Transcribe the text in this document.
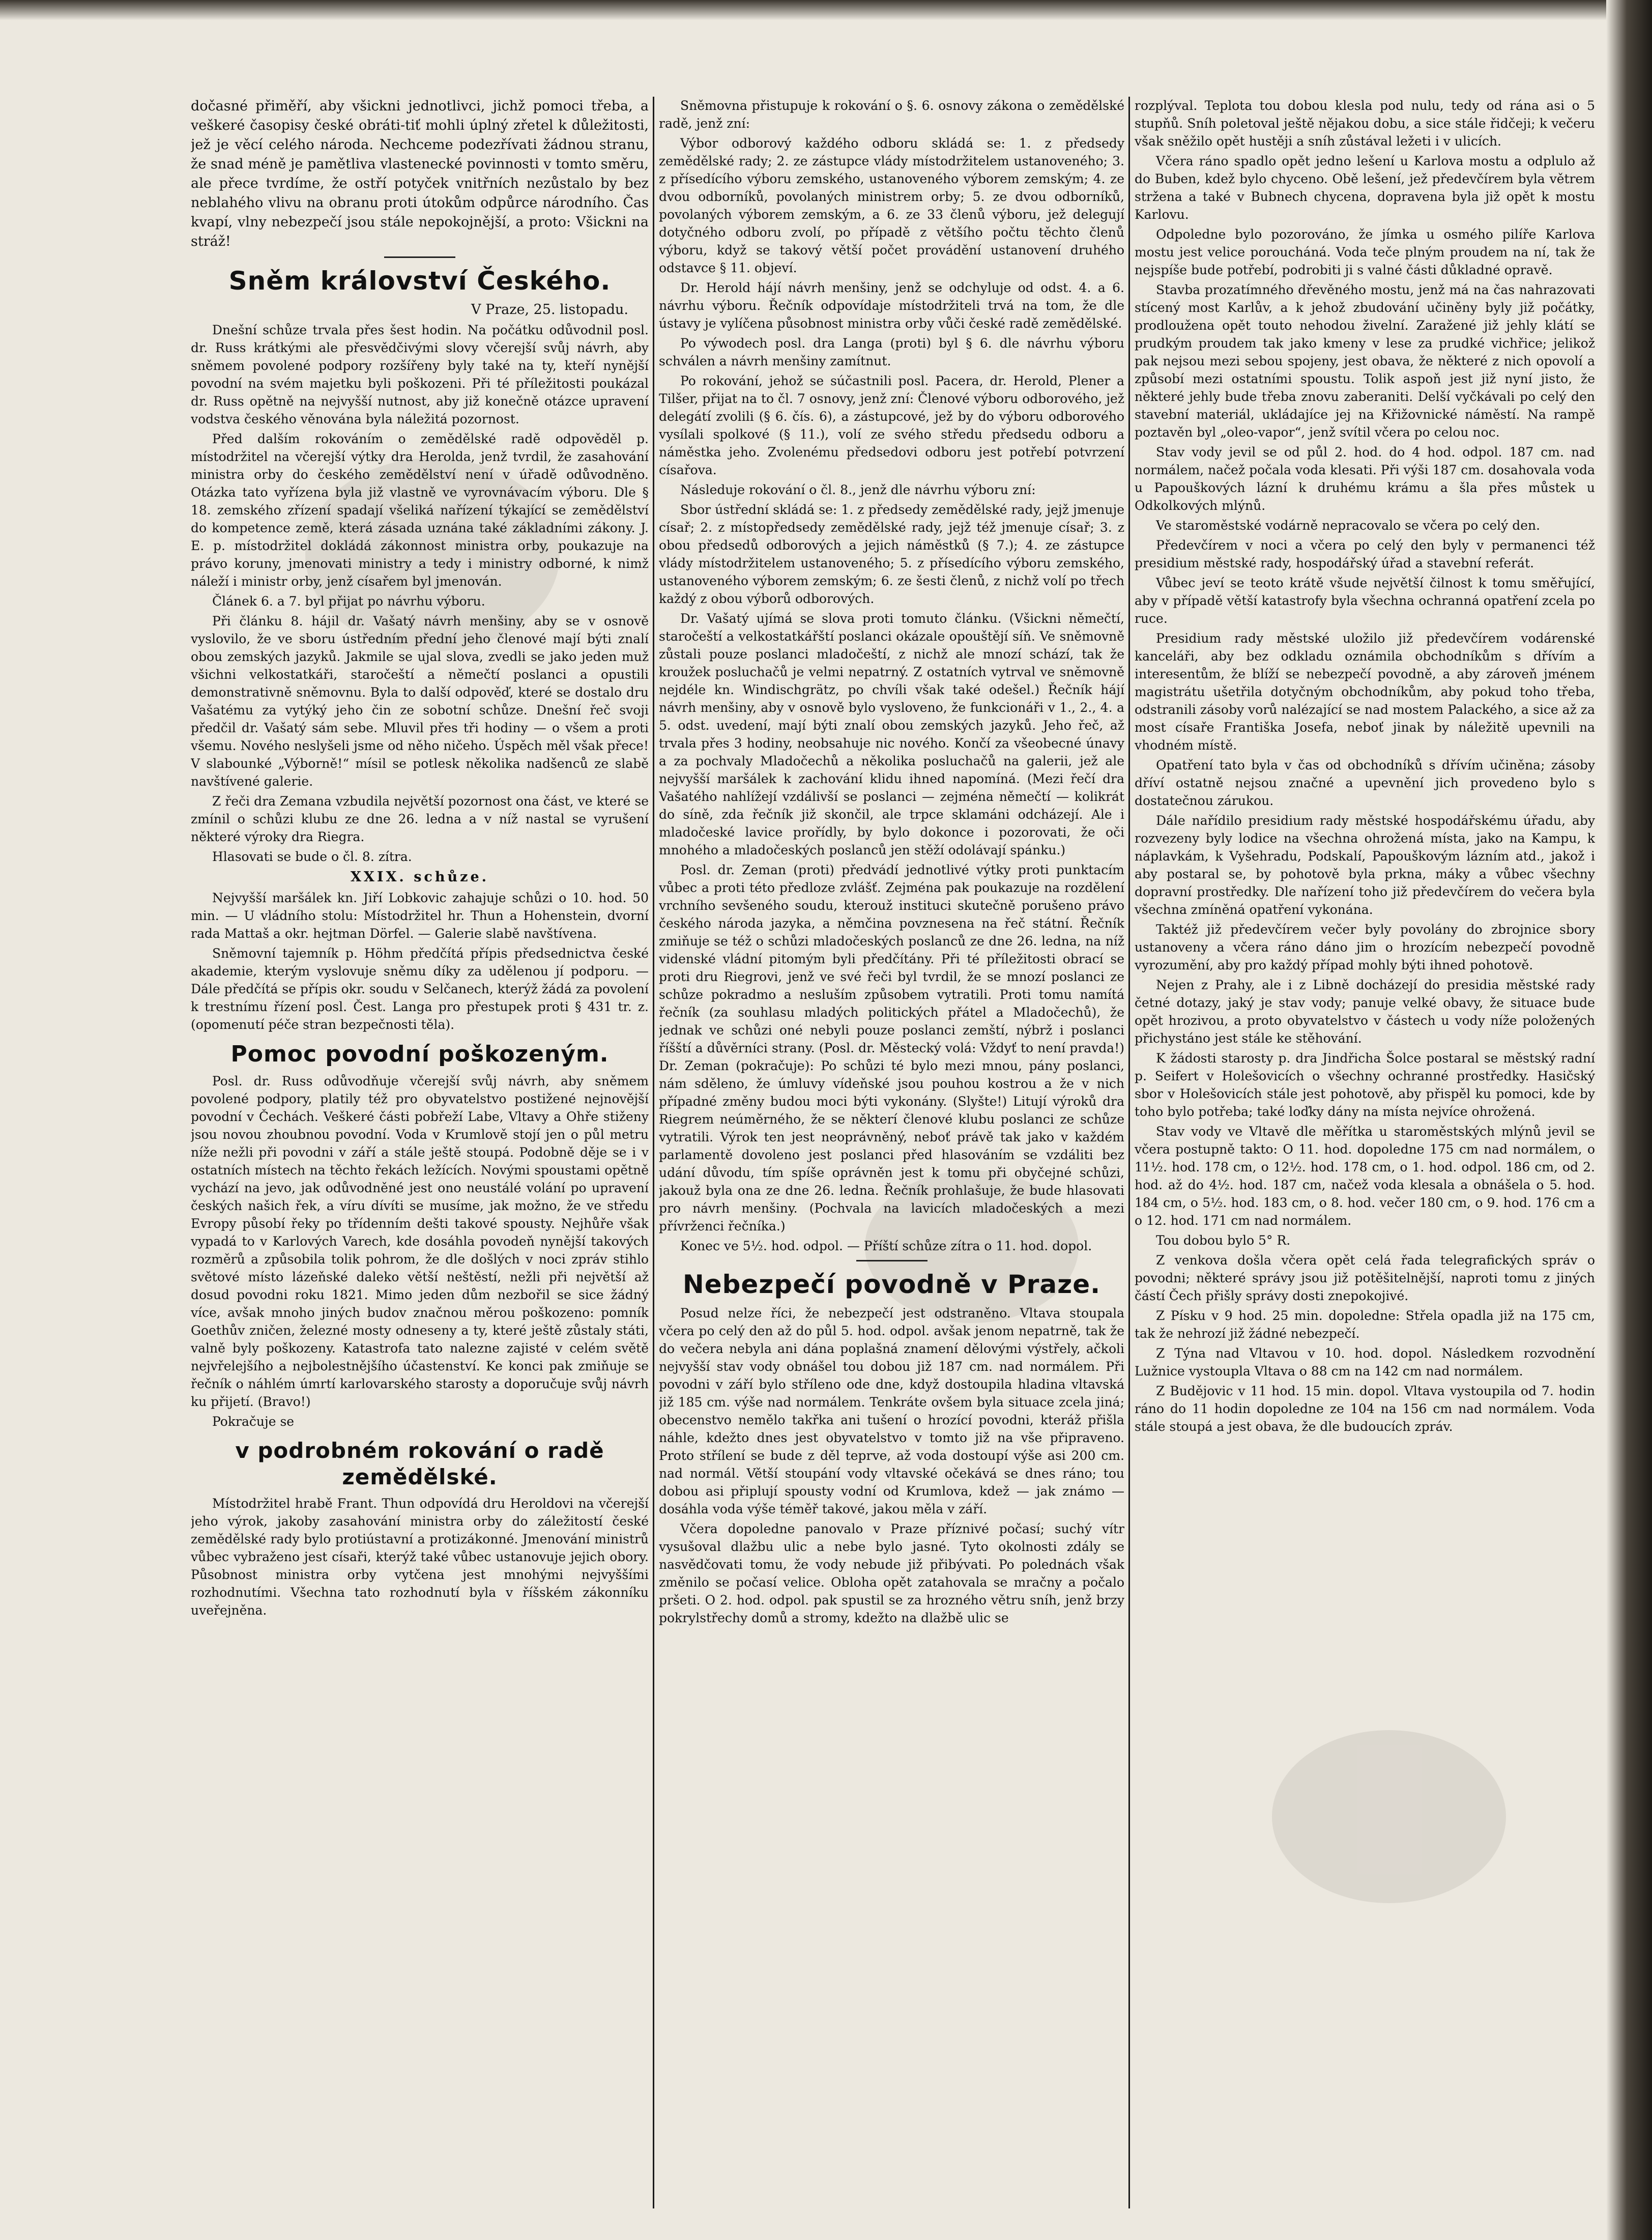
dočasné přiměří, aby všickni jednotlivci, jichž pomoci třeba, a veškeré časopisy české obráti-tiť mohli úplný zřetel k důležitosti, jež je věcí celého národa. Nechceme podezřívati žádnou stranu, že snad méně je pamětliva vlastenecké povinnosti v tomto směru, ale přece tvrdíme, že ostří potyček vnitřních nezůstalo by bez neblahého vlivu na obranu proti útokům odpůrce národního. Čas kvapí, vlny nebezpečí jsou stále nepokojnější, a proto: Všickni na stráž!

Sněm království Českého.
V Praze, 25. listopadu.

Dnešní schůze trvala přes šest hodin. Na počátku odůvodnil posl. dr. Russ krátkými ale přesvědčivými slovy včerejší svůj návrh, aby sněmem povolené podpory rozšířeny byly také na ty, kteří nynější povodní na svém majetku byli poškozeni. Při té příležitosti poukázal dr. Russ opětně na nejvyšší nutnost, aby již konečně otázce upravení vodstva českého věnována byla náležitá pozornost.

Před dalším rokováním o zemědělské radě odpověděl p. místodržitel na včerejší výtky dra Herolda, jenž tvrdil, že zasahování ministra orby do českého zemědělství není v úřadě odůvodněno. Otázka tato vyřízena byla již vlastně ve vyrovnávacím výboru. Dle § 18. zemského zřízení spadají všeliká nařízení týkající se zemědělství do kompetence země, která zásada uznána také základními zákony. J. E. p. místodržitel dokládá zákonnost ministra orby, poukazuje na právo koruny, jmenovati ministry a tedy i ministry odborné, k nimž náleží i ministr orby, jenž císařem byl jmenován.

Článek 6. a 7. byl přijat po návrhu výboru.

Při článku 8. hájil dr. Vašatý návrh menšiny, aby se v osnově vyslovilo, že ve sboru ústředním přední jeho členové mají býti znalí obou zemských jazyků. Jakmile se ujal slova, zvedli se jako jeden muž všichni velkostatkáři, staročeští a němečtí poslanci a opustili demonstrativně sněmovnu. Byla to další odpověď, které se dostalo dru Vašatému za vytýký jeho čin ze sobotní schůze. Dnešní řeč svoji předčil dr. Vašatý sám sebe. Mluvil přes tři hodiny — o všem a proti všemu. Nového neslyšeli jsme od něho ničeho. Úspěch měl však přece! V slabounké „Výborně!“ mísil se potlesk několika nadšenců ze slabě navštívené galerie.

Z řeči dra Zemana vzbudila největší pozornost ona část, ve které se zmínil o schůzi klubu ze dne 26. ledna a v níž nastal se vyrušení některé výroky dra Riegra.

Hlasovati se bude o čl. 8. zítra.

XXIX. schůze.

Nejvyšší maršálek kn. Jiří Lobkovic zahajuje schůzi o 10. hod. 50 min. — U vládního stolu: Místodržitel hr. Thun a Hohenstein, dvorní rada Mattaš a okr. hejtman Dörfel. — Galerie slabě navštívena.

Sněmovní tajemník p. Höhm předčítá přípis předsednictva české akademie, kterým vyslovuje sněmu díky za udělenou jí podporu. — Dále předčítá se přípis okr. soudu v Selčanech, kterýž žádá za povolení k trestnímu řízení posl. Čest. Langa pro přestupek proti § 431 tr. z. (opomenutí péče stran bezpečnosti těla).

Pomoc povodní poškozeným.

Posl. dr. Russ odůvodňuje včerejší svůj návrh, aby sněmem povolené podpory, platily též pro obyvatelstvo postižené nejnovější povodní v Čechách. Veškeré části pobřeží Labe, Vltavy a Ohře stiženy jsou novou zhoubnou povodní. Voda v Krumlově stojí jen o půl metru níže nežli při povodni v září a stále ještě stoupá. Podobně děje se i v ostatních místech na těchto řekách ležících. Novými spoustami opětně vychází na jevo, jak odůvodněné jest ono neustálé volání po upravení českých našich řek, a víru dívíti se musíme, jak možno, že ve středu Evropy působí řeky po třídenním dešti takové spousty. Nejhůře však vypadá to v Karlových Varech, kde dosáhla povodeň nynější takových rozměrů a způsobila tolik pohrom, že dle došlých v noci zpráv stihlo světové místo lázeňské daleko větší neštěstí, nežli při největší až dosud povodni roku 1821. Mimo jeden dům nezbořil se sice žádný více, avšak mnoho jiných budov značnou měrou poškozeno: pomník Goethův zničen, železné mosty odneseny a ty, které ještě zůstaly státi, valně byly poškozeny. Katastrofa tato nalezne zajisté v celém světě nejvřelejšího a nejbolestnějšího účastenství. Ke konci pak zmiňuje se řečník o náhlém úmrtí karlovarského starosty a doporučuje svůj návrh ku přijetí. (Bravo!)

Pokračuje se

v podrobném rokování o radě zemědělské.

Místodržitel hrabě Frant. Thun odpovídá dru Heroldovi na včerejší jeho výrok, jakoby zasahování ministra orby do záležitostí české zemědělské rady bylo protiústavní a protizákonné. Jmenování ministrů vůbec vybraženo jest císaři, kterýž také vůbec ustanovuje jejich obory. Působnost ministra orby vytčena jest mnohými nejvyššími rozhodnutími. Všechna tato rozhodnutí byla v říšském zákonníku uveřejněna.

Sněmovna přistupuje k rokování o §. 6. osnovy zákona o zemědělské radě, jenž zní:

Výbor odborový každého odboru skládá se: 1. z předsedy zemědělské rady; 2. ze zástupce vlády místodržitelem ustanoveného; 3. z přísedícího výboru zemského, ustanoveného výborem zemským; 4. ze dvou odborníků, povolaných ministrem orby; 5. ze dvou odborníků, povolaných výborem zemským, a 6. ze 33 členů výboru, jež delegují dotyčného odboru zvolí, po případě z většího počtu těchto členů výboru, když se takový větší počet provádění ustanovení druhého odstavce § 11. objeví.

Dr. Herold hájí návrh menšiny, jenž se odchyluje od odst. 4. a 6. návrhu výboru. Řečník odpovídaje místodržiteli trvá na tom, že dle ústavy je vylíčena působnost ministra orby vůči české radě zemědělské.

Po výwodech posl. dra Langa (proti) byl § 6. dle návrhu výboru schválen a návrh menšiny zamítnut.

Po rokování, jehož se súčastnili posl. Pacera, dr. Herold, Plener a Tilšer, přijat na to čl. 7 osnovy, jenž zní: Členové výboru odborového, jež delegátí zvolili (§ 6. čís. 6), a zástupcové, jež by do výboru odborového vysílali spolkové (§ 11.), volí ze svého středu předsedu odboru a náměstka jeho. Zvolenému předsedovi odboru jest potřebí potvrzení císařova.

Následuje rokování o čl. 8., jenž dle návrhu výboru zní:

Sbor ústřední skládá se: 1. z předsedy zemědělské rady, jejž jmenuje císař; 2. z místopředsedy zemědělské rady, jejž též jmenuje císař; 3. z obou předsedů odborových a jejich náměstků (§ 7.); 4. ze zástupce vlády místodržitelem ustanoveného; 5. z přísedícího výboru zemského, ustanoveného výborem zemským; 6. ze šesti členů, z nichž volí po třech každý z obou výborů odborových.

Dr. Vašatý ujímá se slova proti tomuto článku. (Všickni němečtí, staročeští a velkostatkářští poslanci okázale opouštějí síň. Ve sněmovně zůstali pouze poslanci mladočeští, z nichž ale mnozí schází, tak že kroužek posluchačů je velmi nepatrný. Z ostatních vytrval ve sněmovně nejdéle kn. Windischgrätz, po chvíli však také odešel.) Řečník hájí návrh menšiny, aby v osnově bylo vysloveno, že funkcionáři v 1., 2., 4. a 5. odst. uvedení, mají býti znalí obou zemských jazyků. Jeho řeč, až trvala přes 3 hodiny, neobsahuje nic nového. Končí za všeobecné únavy a za pochvaly Mladočechů a několika posluchačů na galerii, jež ale nejvyšší maršálek k zachování klidu ihned napomíná. (Mezi řečí dra Vašatého nahlížejí vzdálivší se poslanci — zejména němečtí — kolikrát do síně, zda řečník již skončil, ale trpce sklamáni odcházejí. Ale i mladočeské lavice prořídly, by bylo dokonce i pozorovati, že oči mnohého a mladočeských poslanců jen stěží odolávají spánku.)

Posl. dr. Zeman (proti) předvádí jednotlivé výtky proti punktacím vůbec a proti této předloze zvlášť. Zejména pak poukazuje na rozdělení vrchního sevšeného soudu, kterouž instituci skutečně porušeno právo českého národa jazyka, a němčina povznesena na řeč státní. Řečník zmiňuje se též o schůzi mladočeských poslanců ze dne 26. ledna, na níž videnské vládní pitomým byli předčítány. Při té příležitosti obrací se proti dru Riegrovi, jenž ve své řeči byl tvrdil, že se mnozí poslanci ze schůze pokradmo a nesluším způsobem vytratili. Proti tomu namítá řečník (za souhlasu mladých politických přátel a Mladočechů), že jednak ve schůzi oné nebyli pouze poslanci zemští, nýbrž i poslanci říšští a důvěrníci strany. (Posl. dr. Městecký volá: Vždyť to není pravda!) Dr. Zeman (pokračuje): Po schůzi té bylo mezi mnou, pány poslanci, nám sděleno, že úmluvy vídeňské jsou pouhou kostrou a že v nich případné změny budou moci býti vykonány. (Slyšte!) Litují výroků dra Riegrem neúměrného, že se některí členové klubu poslanci ze schůze vytratili. Výrok ten jest neoprávněný, neboť právě tak jako v každém parlamentě dovoleno jest poslanci před hlasováním se vzdáliti bez udání důvodu, tím spíše oprávněn jest k tomu při obyčejné schůzi, jakouž byla ona ze dne 26. ledna. Řečník prohlašuje, že bude hlasovati pro návrh menšiny. (Pochvala na lavicích mladočeských a mezi přívrženci řečníka.)

Konec ve 5½. hod. odpol. — Příští schůze zítra o 11. hod. dopol.

Nebezpečí povodně v Praze.

Posud nelze říci, že nebezpečí jest odstraněno. Vltava stoupala včera po celý den až do půl 5. hod. odpol. avšak jenom nepatrně, tak že do večera nebyla ani dána poplašná znamení dělovými výstřely, ačkoli nejvyšší stav vody obnášel tou dobou již 187 cm. nad normálem. Při povodni v září bylo stříleno ode dne, když dostoupila hladina vltavská již 185 cm. výše nad normálem. Tenkráte ovšem byla situace zcela jiná; obecenstvo nemělo takřka ani tušení o hrozící povodni, kteráž přišla náhle, kdežto dnes jest obyvatelstvo v tomto již na vše připraveno. Proto střílení se bude z děl teprve, až voda dostoupí výše asi 200 cm. nad normál. Větší stoupání vody vltavské očekává se dnes ráno; tou dobou asi připlují spousty vodní od Krumlova, kdež — jak známo — dosáhla voda výše téměř takové, jakou měla v září.

Včera dopoledne panovalo v Praze příznivé počasí; suchý vítr vysušoval dlažbu ulic a nebe bylo jasné. Tyto okolnosti zdály se nasvědčovati tomu, že vody nebude již přibývati. Po polednách však změnilo se počasí velice. Obloha opět zatahovala se mračny a počalo pršeti. O 2. hod. odpol. pak spustil se za hrozného větru sníh, jenž brzy pokrylstřechy domů a stromy, kdežto na dlažbě ulic se

rozplýval. Teplota tou dobou klesla pod nulu, tedy od rána asi o 5 stupňů. Sníh poletoval ještě nějakou dobu, a sice stále řidčeji; k večeru však sněžilo opět hustěji a sníh zůstával ležeti i v ulicích.

Včera ráno spadlo opět jedno lešení u Karlova mostu a odplulo až do Buben, kdež bylo chyceno. Obě lešení, jež předevčírem byla větrem stržena a také v Bubnech chycena, dopravena byla již opět k mostu Karlovu.

Odpoledne bylo pozorováno, že jímka u osmého pilíře Karlova mostu jest velice poroucháná. Voda teče plným proudem na ní, tak že nejspíše bude potřebí, podrobiti ji s valné části důkladné opravě.

Stavba prozatímného dřevěného mostu, jenž má na čas nahrazovati stícený most Karlův, a k jehož zbudování učiněny byly již počátky, prodloužena opět touto nehodou živelní. Zaražené již jehly klátí se prudkým proudem tak jako kmeny v lese za prudké vichřice; jelikož pak nejsou mezi sebou spojeny, jest obava, že některé z nich opovolí a způsobí mezi ostatními spoustu. Tolik aspoň jest již nyní jisto, že některé jehly bude třeba znovu zaberaniti. Delší vyčkávali po celý den stavební materiál, ukládajíce jej na Křižovnické náměstí. Na rampě poztavěn byl „oleo-vapor“, jenž svítil včera po celou noc.

Stav vody jevil se od půl 2. hod. do 4 hod. odpol. 187 cm. nad normálem, načež počala voda klesati. Při výši 187 cm. dosahovala voda u Papouškových lázní k druhému krámu a šla přes můstek u Odkolkových mlýnů.

Ve staroměstské vodárně nepracovalo se včera po celý den.

Předevčírem v noci a včera po celý den byly v permanenci též presidium městské rady, hospodářský úřad a stavební referát.

Vůbec jeví se teoto krátě všude největší čilnost k tomu směřující, aby v případě větší katastrofy byla všechna ochranná opatření zcela po ruce.

Presidium rady městské uložilo již předevčírem vodárenské kanceláři, aby bez odkladu oznámila obchodníkům s dřívím a interesentům, že blíží se nebezpečí povodně, a aby zároveň jménem magistrátu ušetřila dotyčným obchodníkům, aby pokud toho třeba, odstranili zásoby vorů nalézající se nad mostem Palackého, a sice až za most císaře Františka Josefa, neboť jinak by náležitě upevnili na vhodném místě.

Opatření tato byla v čas od obchodníků s dřívím učiněna; zásoby dříví ostatně nejsou značné a upevnění jich provedeno bylo s dostatečnou zárukou.

Dále nařídilo presidium rady městské hospodářskému úřadu, aby rozvezeny byly lodice na všechna ohrožená místa, jako na Kampu, k náplavkám, k Vyšehradu, Podskalí, Papouškovým lázním atd., jakož i aby postaral se, by pohotově byla prkna, máky a vůbec všechny dopravní prostředky. Dle nařízení toho již předevčírem do večera byla všechna zmíněná opatření vykonána.

Taktéž již předevčírem večer byly povolány do zbrojnice sbory ustanoveny a včera ráno dáno jim o hrozícím nebezpečí povodně vyrozumění, aby pro každý případ mohly býti ihned pohotově.

Nejen z Prahy, ale i z Libně docházejí do presidia městské rady četné dotazy, jaký je stav vody; panuje velké obavy, že situace bude opět hrozivou, a proto obyvatelstvo v částech u vody níže položených přichystáno jest stále ke stěhování.

K žádosti starosty p. dra Jindřicha Šolce postaral se městský radní p. Seifert v Holešovicích o všechny ochranné prostředky. Hasičský sbor v Holešovicích stále jest pohotově, aby přispěl ku pomoci, kde by toho bylo potřeba; také loďky dány na místa nejvíce ohrožená.

Stav vody ve Vltavě dle měřítka u staroměstských mlýnů jevil se včera postupně takto: O 11. hod. dopoledne 175 cm nad normálem, o 11½. hod. 178 cm, o 12½. hod. 178 cm, o 1. hod. odpol. 186 cm, od 2. hod. až do 4½. hod. 187 cm, načež voda klesala a obnášela o 5. hod. 184 cm, o 5½. hod. 183 cm, o 8. hod. večer 180 cm, o 9. hod. 176 cm a o 12. hod. 171 cm nad normálem.

Tou dobou bylo 5° R.

Z venkova došla včera opět celá řada telegrafických správ o povodni; některé správy jsou již potěšitelnější, naproti tomu z jiných částí Čech přišly správy dosti znepokojivé.

Z Písku v 9 hod. 25 min. dopoledne: Střela opadla již na 175 cm, tak že nehrozí již žádné nebezpečí.

Z Týna nad Vltavou v 10. hod. dopol. Následkem rozvodnění Lužnice vystoupla Vltava o 88 cm na 142 cm nad normálem.

Z Budějovic v 11 hod. 15 min. dopol. Vltava vystoupila od 7. hodin ráno do 11 hodin dopoledne ze 104 na 156 cm nad normálem. Voda stále stoupá a jest obava, že dle budoucích zpráv.
